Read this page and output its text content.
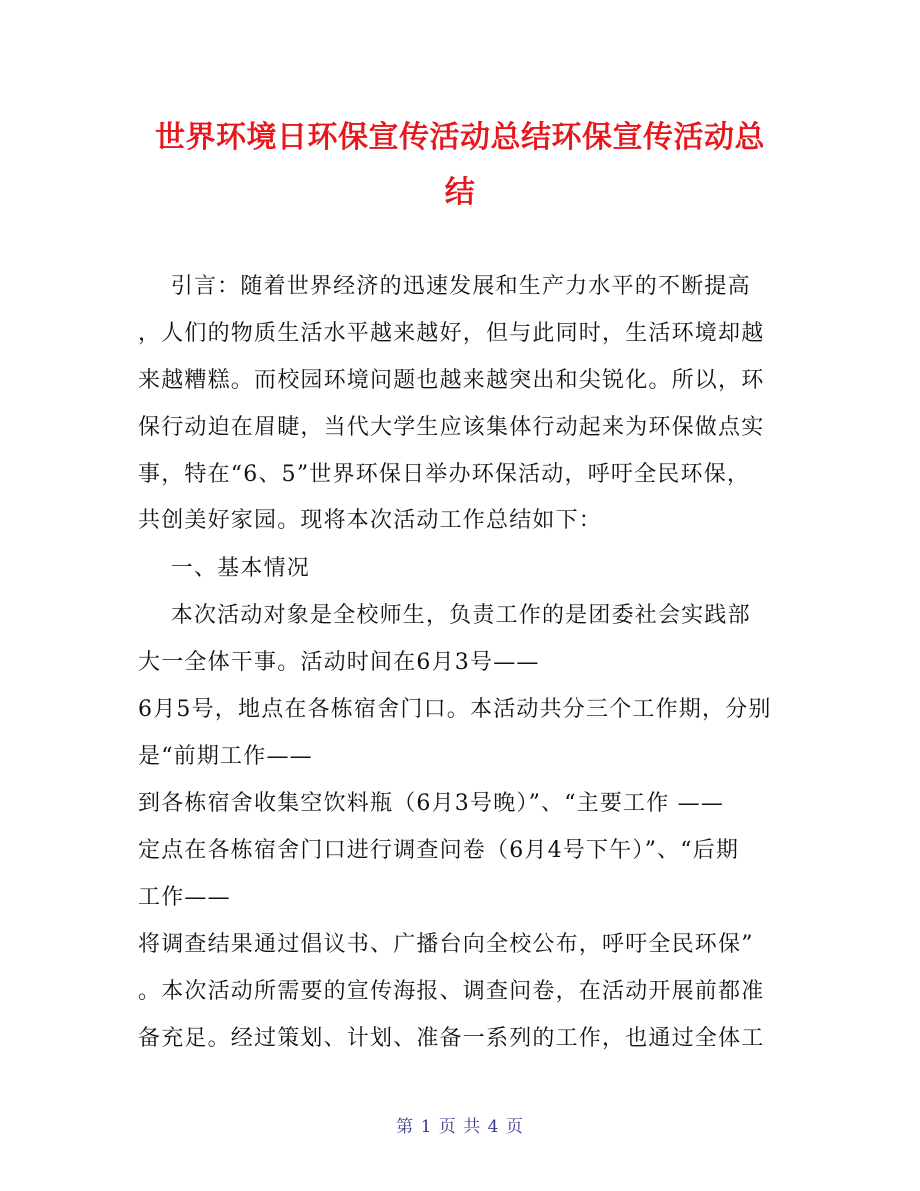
世界环境日环保宣传活动总结环保宣传活动总
结
引言：随着世界经济的迅速发展和生产力水平的不断提高
，人们的物质生活水平越来越好，但与此同时，生活环境却越
来越糟糕。而校园环境问题也越来越突出和尖锐化。所以，环
保行动迫在眉睫，当代大学生应该集体行动起来为环保做点实
事，特在“6、5”世界环保日举办环保活动，呼吁全民环保，
共创美好家园。现将本次活动工作总结如下：
一、基本情况
本次活动对象是全校师生，负责工作的是团委社会实践部
大一全体干事。活动时间在6月3号——
6月5号，地点在各栋宿舍门口。本活动共分三个工作期，分别
是“前期工作——
到各栋宿舍收集空饮料瓶（6月3号晚）”、“主要工作 ——
定点在各栋宿舍门口进行调查问卷（6月4号下午）”、“后期
工作——
将调查结果通过倡议书、广播台向全校公布，呼吁全民环保”
。本次活动所需要的宣传海报、调查问卷，在活动开展前都准
备充足。经过策划、计划、准备一系列的工作，也通过全体工
第 1 页 共 4 页
